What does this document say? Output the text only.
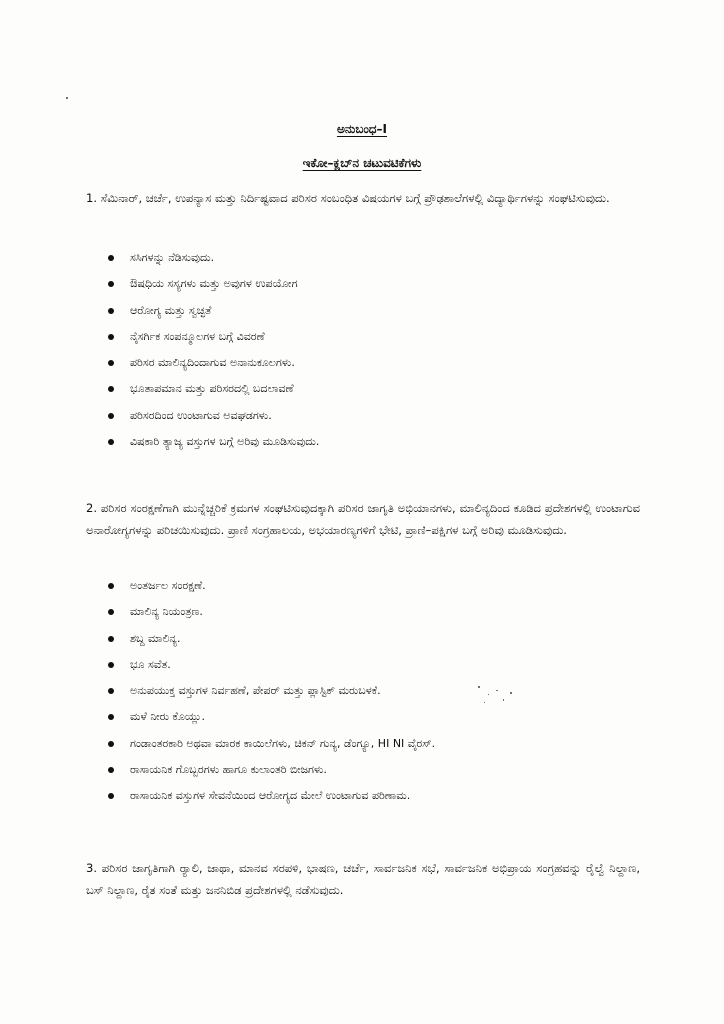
ಅನುಬಂಧ–I
ಇಕೋ–ಕ್ಲಬ್‌ನ ಚಟುವಟಿಕೆಗಳು

1. ಸೆಮಿನಾರ್, ಚರ್ಚೆ, ಉಪನ್ಯಾಸ ಮತ್ತು ನಿರ್ದಿಷ್ಟವಾದ ಪರಿಸರ ಸಂಬಂಧಿತ ವಿಷಯಗಳ ಬಗ್ಗೆ ಪ್ರೌಢಶಾಲೆಗಳಲ್ಲಿ ವಿದ್ಯಾರ್ಥಿಗಳನ್ನು ಸಂಘಟಿಸುವುದು.

ಸಸಿಗಳನ್ನು ನೆಡಿಸುವುದು.
ಔಷಧಿಯ ಸಸ್ಯಗಳು ಮತ್ತು ಅವುಗಳ ಉಪಯೋಗ
ಆರೋಗ್ಯ ಮತ್ತು ಸ್ವಚ್ಛತೆ
ನೈಸರ್ಗಿಕ ಸಂಪನ್ಮೂಲಗಳ ಬಗ್ಗೆ ವಿವರಣೆ
ಪರಿಸರ ಮಾಲಿನ್ಯದಿಂದಾಗುವ ಅನಾನುಕೂಲಗಳು.
ಭೂತಾಪಮಾನ ಮತ್ತು ಪರಿಸರದಲ್ಲಿ ಬದಲಾವಣೆ
ಪರಿಸರದಿಂದ ಉಂಟಾಗುವ ಅವಘಡಗಳು.
ವಿಷಕಾರಿ ತ್ಯಾಜ್ಯ ವಸ್ತುಗಳ ಬಗ್ಗೆ ಅರಿವು ಮೂಡಿಸುವುದು.

2. ಪರಿಸರ ಸಂರಕ್ಷಣೆಗಾಗಿ ಮುನ್ನೆಚ್ಚರಿಕೆ ಕ್ರಮಗಳ ಸಂಘಟಿಸುವುದಕ್ಕಾಗಿ ಪರಿಸರ ಜಾಗೃತಿ ಅಭಿಯಾನಗಳು, ಮಾಲಿನ್ಯದಿಂದ ಕೂಡಿದ ಪ್ರದೇಶಗಳಲ್ಲಿ ಉಂಟಾಗುವ ಅನಾರೋಗ್ಯಗಳನ್ನು ಪರಿಚಯಿಸುವುದು. ಪ್ರಾಣಿ ಸಂಗ್ರಹಾಲಯ, ಅಭಯಾರಣ್ಯಗಳಿಗೆ ಭೇಟಿ, ಪ್ರಾಣಿ–ಪಕ್ಷಿಗಳ ಬಗ್ಗೆ ಅರಿವು ಮೂಡಿಸುವುದು.

ಅಂತರ್ಜಲ ಸಂರಕ್ಷಣೆ.
ಮಾಲಿನ್ಯ ನಿಯಂತ್ರಣ.
ಶಬ್ದ ಮಾಲಿನ್ಯ.
ಭೂ ಸವೆತ.
ಅನುಪಯುಕ್ತ ವಸ್ತುಗಳ ನಿರ್ವಹಣೆ, ಪೇಪರ್ ಮತ್ತು ಪ್ಲಾಸ್ಟಿಕ್ ಮರುಬಳಕೆ.
ಮಳೆ ನೀರು ಕೊಯ್ಲು.
ಗಂಡಾಂತರಕಾರಿ ಅಥವಾ ಮಾರಕ ಕಾಯಿಲೆಗಳು, ಚಿಕನ್ ಗುನ್ಯ, ಡೆಂಗ್ಯೂ, HI NI ವೈರಸ್.
ರಾಸಾಯನಿಕ ಗೊಬ್ಬರಗಳು ಹಾಗೂ ಕುಲಾಂತರಿ ಬೀಜಗಳು.
ರಾಸಾಯನಿಕ ವಸ್ತುಗಳ ಸೇವನೆಯಿಂದ ಆರೋಗ್ಯದ ಮೇಲೆ ಉಂಟಾಗುವ ಪರಿಣಾಮ.

3. ಪರಿಸರ ಜಾಗೃತಿಗಾಗಿ ರ್‍ಯಾಲಿ, ಜಾಥಾ, ಮಾನವ ಸರಪಳಿ, ಭಾಷಣ, ಚರ್ಚೆ, ಸಾರ್ವಜನಿಕ ಸಭೆ, ಸಾರ್ವಜನಿಕ ಅಭಿಪ್ರಾಯ ಸಂಗ್ರಹವನ್ನು ರೈಲ್ವೆ ನಿಲ್ದಾಣ, ಬಸ್ ನಿಲ್ದಾಣ, ರೈತ ಸಂತೆ ಮತ್ತು ಜನನಿಬಿಡ ಪ್ರದೇಶಗಳಲ್ಲಿ ನಡೆಸುವುದು.
